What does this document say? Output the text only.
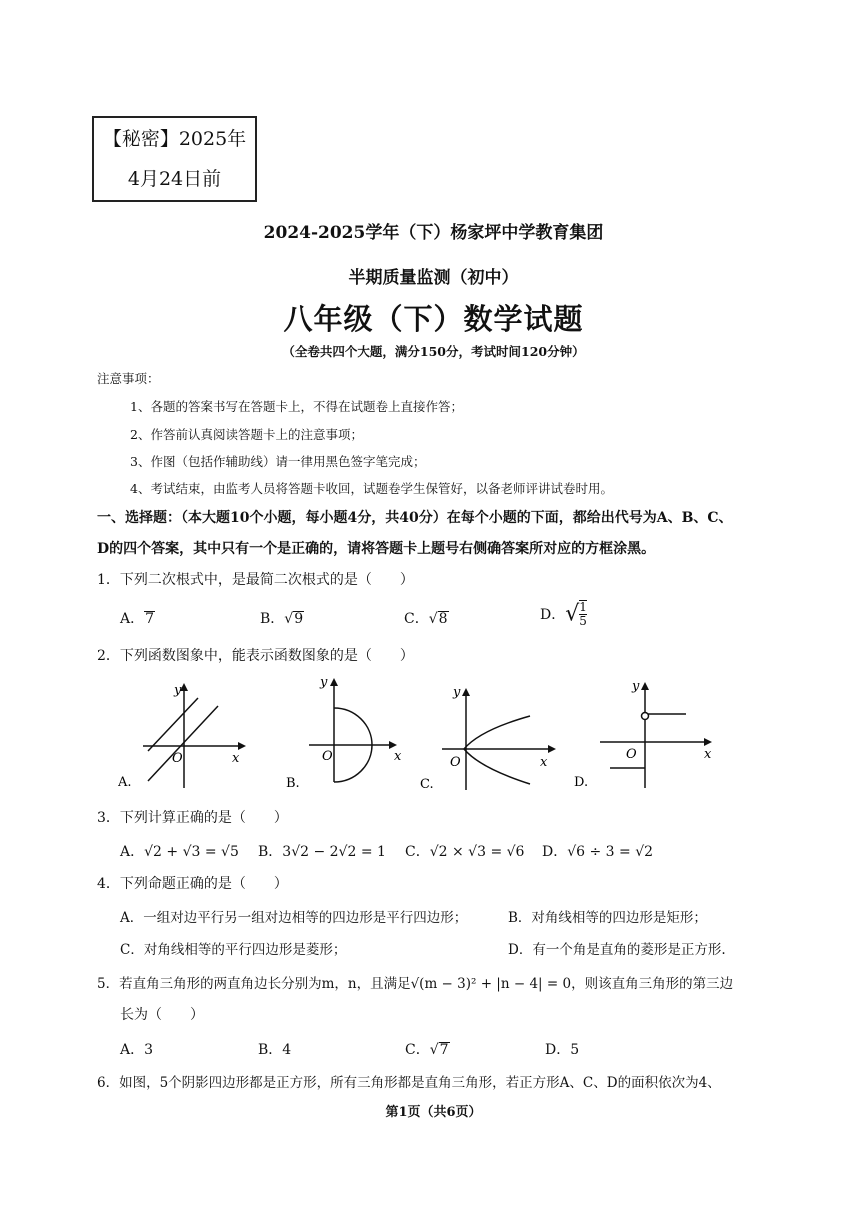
【秘密】2025年
4月24日前
2024-2025学年（下）杨家坪中学教育集团
半期质量监测（初中）
八年级（下）数学试题
（全卷共四个大题，满分150分，考试时间120分钟）
注意事项：
1、各题的答案书写在答题卡上，不得在试题卷上直接作答；
2、作答前认真阅读答题卡上的注意事项；
3、作图（包括作辅助线）请一律用黑色签字笔完成；
4、考试结束，由监考人员将答题卡收回，试题卷学生保管好，以备老师评讲试卷时用。
一、选择题：（本大题10个小题，每小题4分，共40分）在每个小题的下面，都给出代号为A、B、C、
D的四个答案，其中只有一个是正确的，请将答题卡上题号右侧确答案所对应的方框涂黑。
1．下列二次根式中，是最简二次根式的是（　　）
A．7	B．√9	C．√8	D．√ $\frac{1}{5}$
2．下列函数图象中，能表示函数图象的是（　　）
y
x
O
A.
y
x
O
B.
y
x
O
C.
y
x
O
D.
3．下列计算正确的是（　　）
A．√2 + √3 = √5 B．3√2 − 2√2 = 1 C．√2 × √3 = √6 D．√6 ÷ 3 = √2
4．下列命题正确的是（　　）
A．一组对边平行另一组对边相等的四边形是平行四边形；	B．对角线相等的四边形是矩形；
C．对角线相等的平行四边形是菱形；	D．有一个角是直角的菱形是正方形.
5．若直角三角形的两直角边长分别为m，n，且满足√(m − 3)² + |n − 4| = 0，则该直角三角形的第三边
长为（　　）
A．3	B．4	C．√7	D．5
6．如图，5个阴影四边形都是正方形，所有三角形都是直角三角形，若正方形A、C、D的面积依次为4、
第1页（共6页）
